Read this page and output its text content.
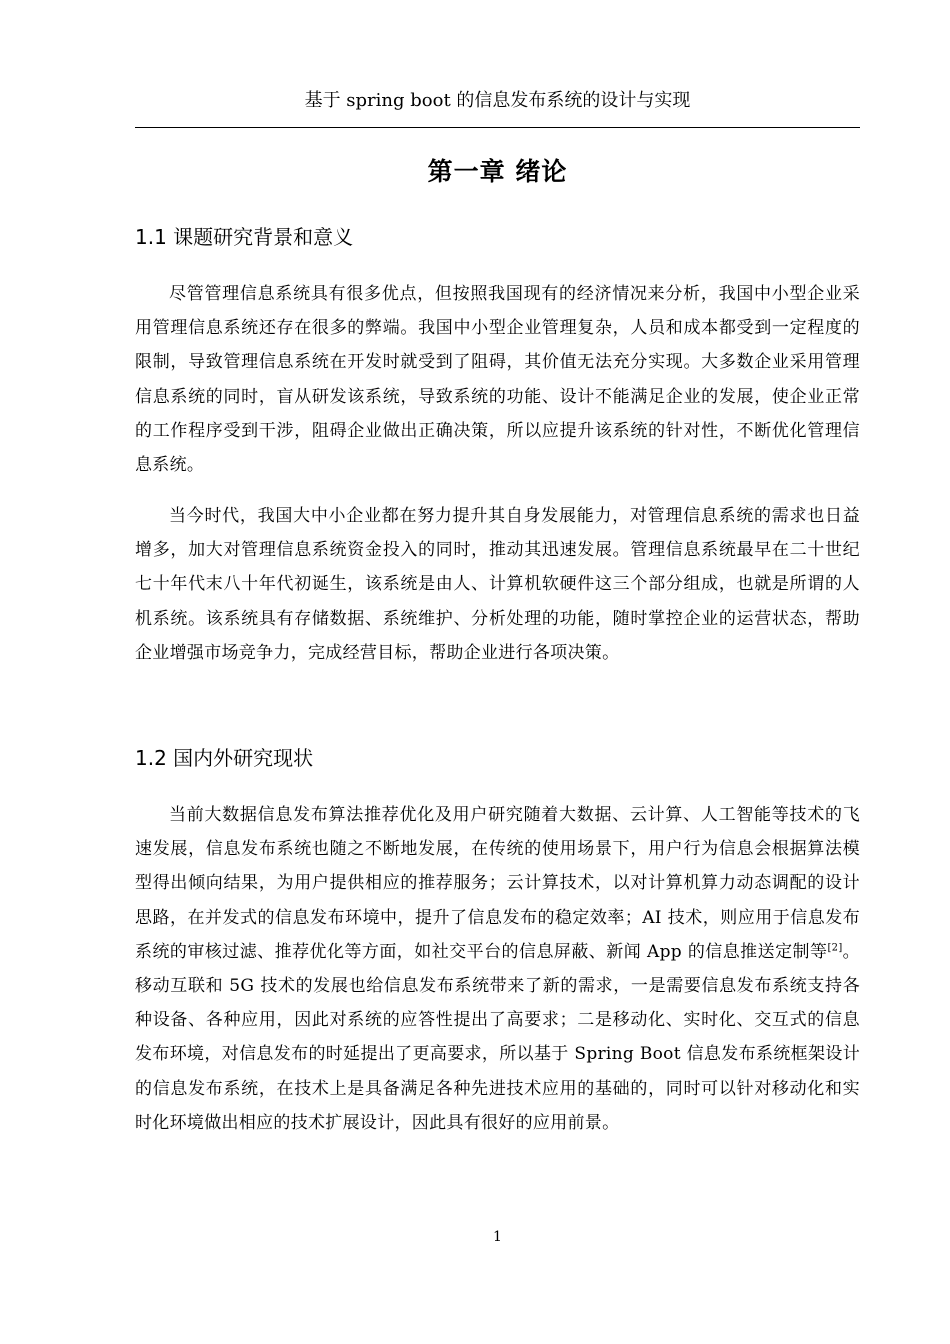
基于 spring boot 的信息发布系统的设计与实现
第一章 绪论
1.1 课题研究背景和意义

尽管管理信息系统具有很多优点，但按照我国现有的经济情况来分析，我国中小型企业采用管理信息系统还存在很多的弊端。我国中小型企业管理复杂，人员和成本都受到一定程度的限制，导致管理信息系统在开发时就受到了阻碍，其价值无法充分实现。大多数企业采用管理信息系统的同时，盲从研发该系统，导致系统的功能、设计不能满足企业的发展，使企业正常的工作程序受到干涉，阻碍企业做出正确决策，所以应提升该系统的针对性，不断优化管理信息系统。

当今时代，我国大中小企业都在努力提升其自身发展能力，对管理信息系统的需求也日益增多，加大对管理信息系统资金投入的同时，推动其迅速发展。管理信息系统最早在二十世纪七十年代末八十年代初诞生，该系统是由人、计算机软硬件这三个部分组成，也就是所谓的人机系统。该系统具有存储数据、系统维护、分析处理的功能，随时掌控企业的运营状态，帮助企业增强市场竞争力，完成经营目标，帮助企业进行各项决策。

1.2 国内外研究现状

当前大数据信息发布算法推荐优化及用户研究随着大数据、云计算、人工智能等技术的飞速发展，信息发布系统也随之不断地发展，在传统的使用场景下，用户行为信息会根据算法模型得出倾向结果，为用户提供相应的推荐服务；云计算技术，以对计算机算力动态调配的设计思路，在并发式的信息发布环境中，提升了信息发布的稳定效率；AI 技术，则应用于信息发布系统的审核过滤、推荐优化等方面，如社交平台的信息屏蔽、新闻 App 的信息推送定制等[2]。移动互联和 5G 技术的发展也给信息发布系统带来了新的需求，一是需要信息发布系统支持各种设备、各种应用，因此对系统的应答性提出了高要求；二是移动化、实时化、交互式的信息发布环境，对信息发布的时延提出了更高要求，所以基于 Spring Boot 信息发布系统框架设计的信息发布系统，在技术上是具备满足各种先进技术应用的基础的，同时可以针对移动化和实时化环境做出相应的技术扩展设计，因此具有很好的应用前景。

1
